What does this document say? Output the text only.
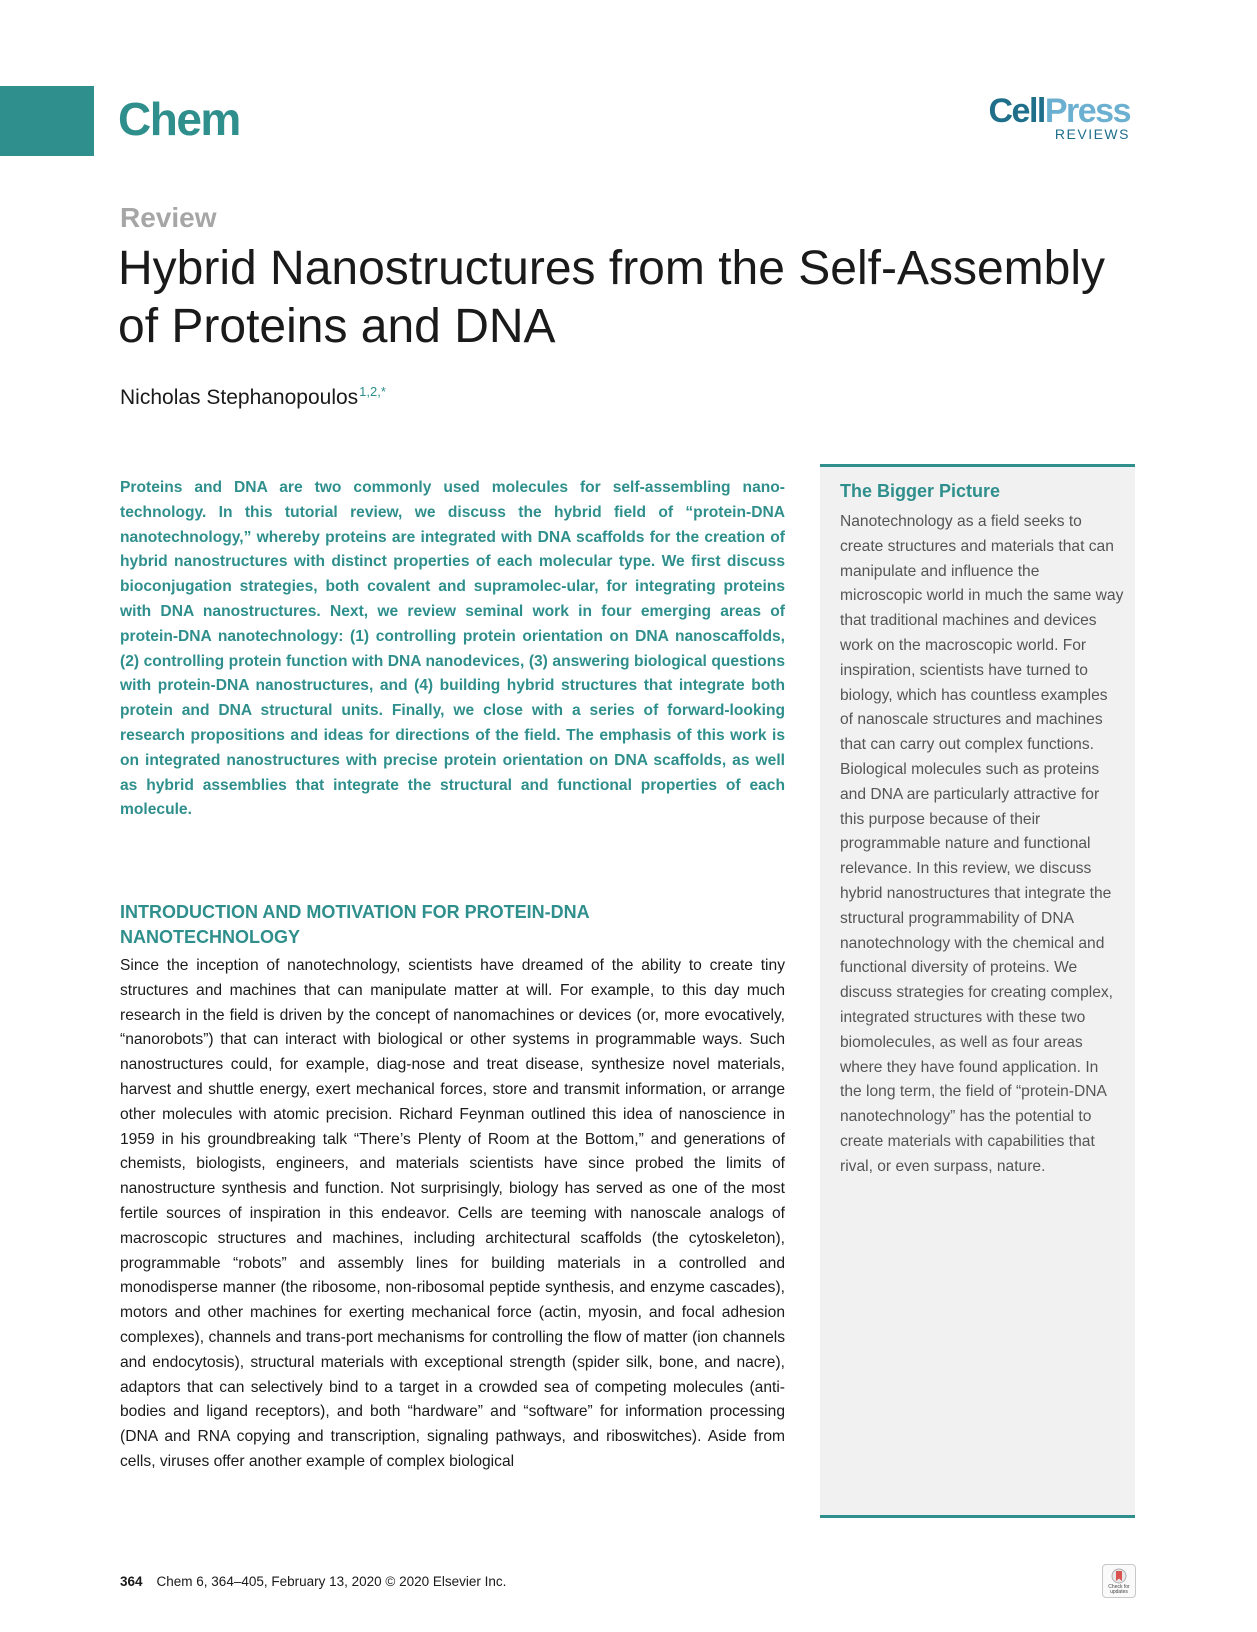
Chem	CellPress
REVIEWS
Review
Hybrid Nanostructures from the Self-Assembly of Proteins and DNA
Nicholas Stephanopoulos$^{1,2,*}$
Proteins and DNA are two commonly used molecules for self-assembling nano-technology. In this tutorial review, we discuss the hybrid field of “protein-DNA nanotechnology,” whereby proteins are integrated with DNA scaffolds for the creation of hybrid nanostructures with distinct properties of each molecular type. We first discuss bioconjugation strategies, both covalent and supramolec-ular, for integrating proteins with DNA nanostructures. Next, we review seminal work in four emerging areas of protein-DNA nanotechnology: (1) controlling protein orientation on DNA nanoscaffolds, (2) controlling protein function with DNA nanodevices, (3) answering biological questions with protein-DNA nanostructures, and (4) building hybrid structures that integrate both protein and DNA structural units. Finally, we close with a series of forward-looking research propositions and ideas for directions of the field. The emphasis of this work is on integrated nanostructures with precise protein orientation on DNA scaffolds, as well as hybrid assemblies that integrate the structural and functional properties of each molecule.
INTRODUCTION AND MOTIVATION FOR PROTEIN-DNA NANOTECHNOLOGY
Since the inception of nanotechnology, scientists have dreamed of the ability to create tiny structures and machines that can manipulate matter at will. For example, to this day much research in the field is driven by the concept of nanomachines or devices (or, more evocatively, “nanorobots”) that can interact with biological or other systems in programmable ways. Such nanostructures could, for example, diag-nose and treat disease, synthesize novel materials, harvest and shuttle energy, exert mechanical forces, store and transmit information, or arrange other molecules with atomic precision. Richard Feynman outlined this idea of nanoscience in 1959 in his groundbreaking talk “There’s Plenty of Room at the Bottom,” and generations of chemists, biologists, engineers, and materials scientists have since probed the limits of nanostructure synthesis and function. Not surprisingly, biology has served as one of the most fertile sources of inspiration in this endeavor. Cells are teeming with nanoscale analogs of macroscopic structures and machines, including architectural scaffolds (the cytoskeleton), programmable “robots” and assembly lines for building materials in a controlled and monodisperse manner (the ribosome, non-ribosomal peptide synthesis, and enzyme cascades), motors and other machines for exerting mechanical force (actin, myosin, and focal adhesion complexes), channels and trans-port mechanisms for controlling the flow of matter (ion channels and endocytosis), structural materials with exceptional strength (spider silk, bone, and nacre), adaptors that can selectively bind to a target in a crowded sea of competing molecules (anti-bodies and ligand receptors), and both “hardware” and “software” for information processing (DNA and RNA copying and transcription, signaling pathways, and riboswitches). Aside from cells, viruses offer another example of complex biological
The Bigger Picture
Nanotechnology as a field seeks to create structures and materials that can manipulate and influence the microscopic world in much the same way that traditional machines and devices work on the macroscopic world. For inspiration, scientists have turned to biology, which has countless examples of nanoscale structures and machines that can carry out complex functions. Biological molecules such as proteins and DNA are particularly attractive for this purpose because of their programmable nature and functional relevance. In this review, we discuss hybrid nanostructures that integrate the structural programmability of DNA nanotechnology with the chemical and functional diversity of proteins. We discuss strategies for creating complex, integrated structures with these two biomolecules, as well as four areas where they have found application. In the long term, the field of “protein-DNA nanotechnology” has the potential to create materials with capabilities that rival, or even surpass, nature.
364 Chem 6, 364–405, February 13, 2020 © 2020 Elsevier Inc.	Check for updates
